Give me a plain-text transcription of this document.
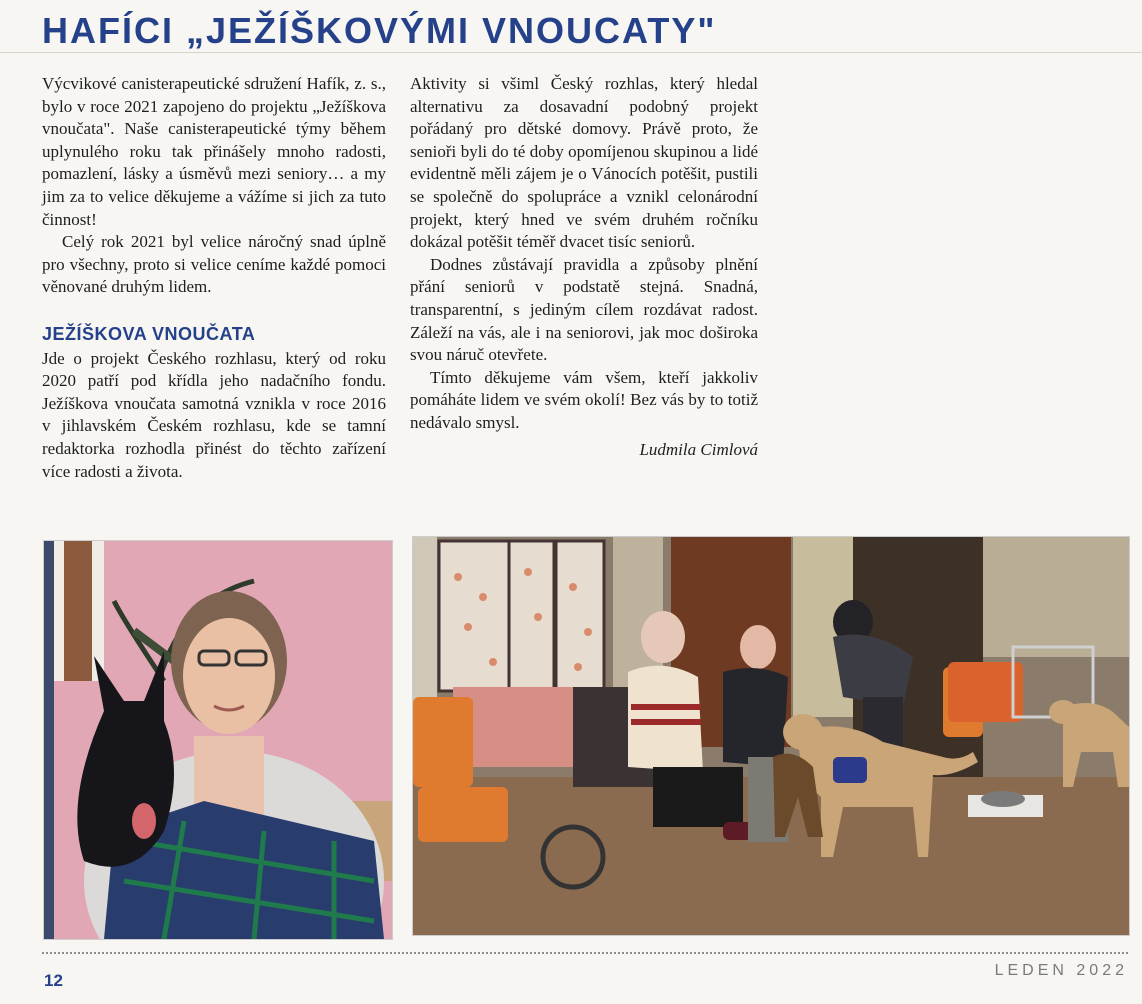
HAFÍCI „JEŽÍŠKOVÝMI VNOUCATY"

Výcvikové canisterapeutické sdružení Hafík, z. s., bylo v roce 2021 zapojeno do projektu „Ježíškova vnoučata". Naše canisterapeutické týmy během uplynulého roku tak přinášely mnoho radosti, pomazlení, lásky a úsměvů mezi seniory… a my jim za to velice děkujeme a vážíme si jich za tuto činnost!

Celý rok 2021 byl velice náročný snad úplně pro všechny, proto si velice ceníme každé pomoci věnované druhým lidem.

JEŽÍŠKOVA VNOUČATA

Jde o projekt Českého rozhlasu, který od roku 2020 patří pod křídla jeho nadačního fondu. Ježíškova vnoučata samotná vznikla v roce 2016 v jihlavském Českém rozhlasu, kde se tamní redaktorka rozhodla přinést do těchto zařízení více radosti a života.

Aktivity si všiml Český rozhlas, který hledal alternativu za dosavadní podobný projekt pořádaný pro dětské domovy. Právě proto, že senioři byli do té doby opomíjenou skupinou a lidé evidentně měli zájem je o Vánocích potěšit, pustili se společně do spolupráce a vznikl celonárodní projekt, který hned ve svém druhém ročníku dokázal potěšit téměř dvacet tisíc seniorů.

Dodnes zůstávají pravidla a způsoby plnění přání seniorů v podstatě stejná. Snadná, transparentní, s jediným cílem rozdávat radost. Záleží na vás, ale i na seniorovi, jak moc doširoka svou náruč otevřete.

Tímto děkujeme vám všem, kteří jakkoliv pomáháte lidem ve svém okolí! Bez vás by to totiž nedávalo smysl.

Ludmila Cimlová

12
LEDEN 2022
